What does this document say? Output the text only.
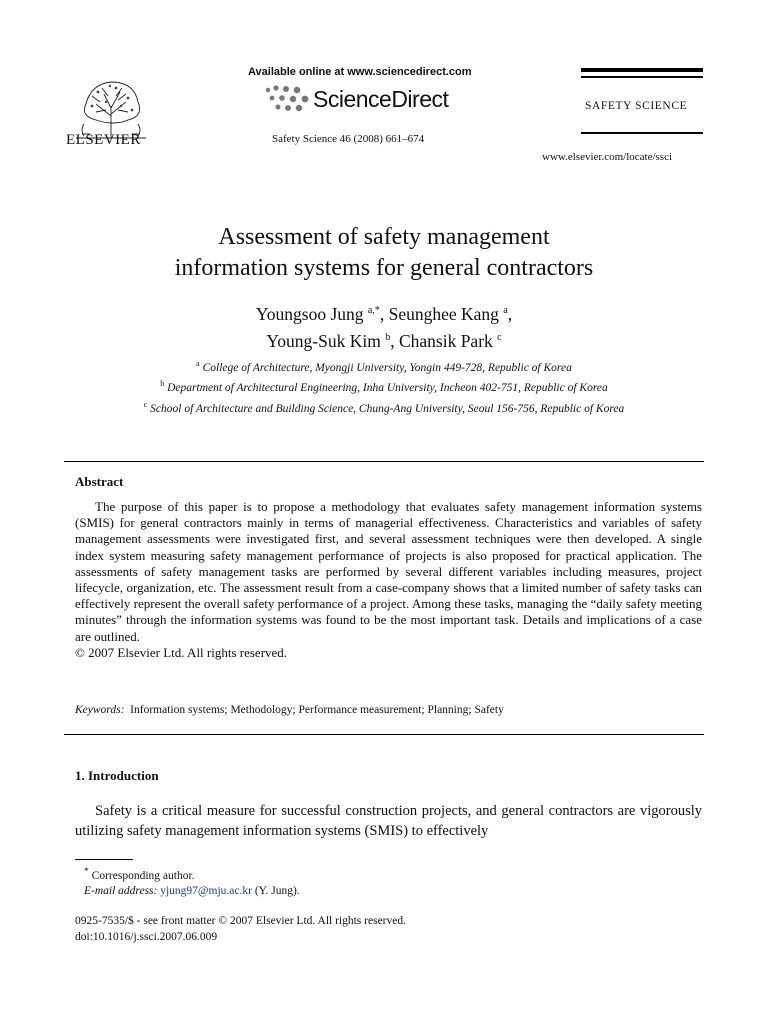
ELSEVIER
Available online at www.sciencedirect.com
ScienceDirect
Safety Science 46 (2008) 661–674
SAFETY SCIENCE
www.elsevier.com/locate/ssci
Assessment of safety management
information systems for general contractors
Youngsoo Jung $^{a,*}$, Seunghee Kang $^a$,
Young-Suk Kim $^b$, Chansik Park $^c$
$^a$ College of Architecture, Myongji University, Yongin 449-728, Republic of Korea
$^b$ Department of Architectural Engineering, Inha University, Incheon 402-751, Republic of Korea
$^c$ School of Architecture and Building Science, Chung-Ang University, Seoul 156-756, Republic of Korea
Abstract

The purpose of this paper is to propose a methodology that evaluates safety management information systems (SMIS) for general contractors mainly in terms of managerial effectiveness. Characteristics and variables of safety management assessments were investigated first, and several assessment techniques were then developed. A single index system measuring safety management performance of projects is also proposed for practical application. The assessments of safety management tasks are performed by several different variables including measures, project lifecycle, organization, etc. The assessment result from a case-company shows that a limited number of safety tasks can effectively represent the overall safety performance of a project. Among these tasks, managing the “daily safety meeting minutes” through the information systems was found to be the most important task. Details and implications of a case are outlined.

© 2007 Elsevier Ltd. All rights reserved.

Keywords: Information systems; Methodology; Performance measurement; Planning; Safety
1. Introduction

Safety is a critical measure for successful construction projects, and general contractors are vigorously utilizing safety management information systems (SMIS) to effectively

* Corresponding author.
E-mail address: yjung97@mju.ac.kr (Y. Jung).
0925-7535/$ - see front matter © 2007 Elsevier Ltd. All rights reserved.
doi:10.1016/j.ssci.2007.06.009
